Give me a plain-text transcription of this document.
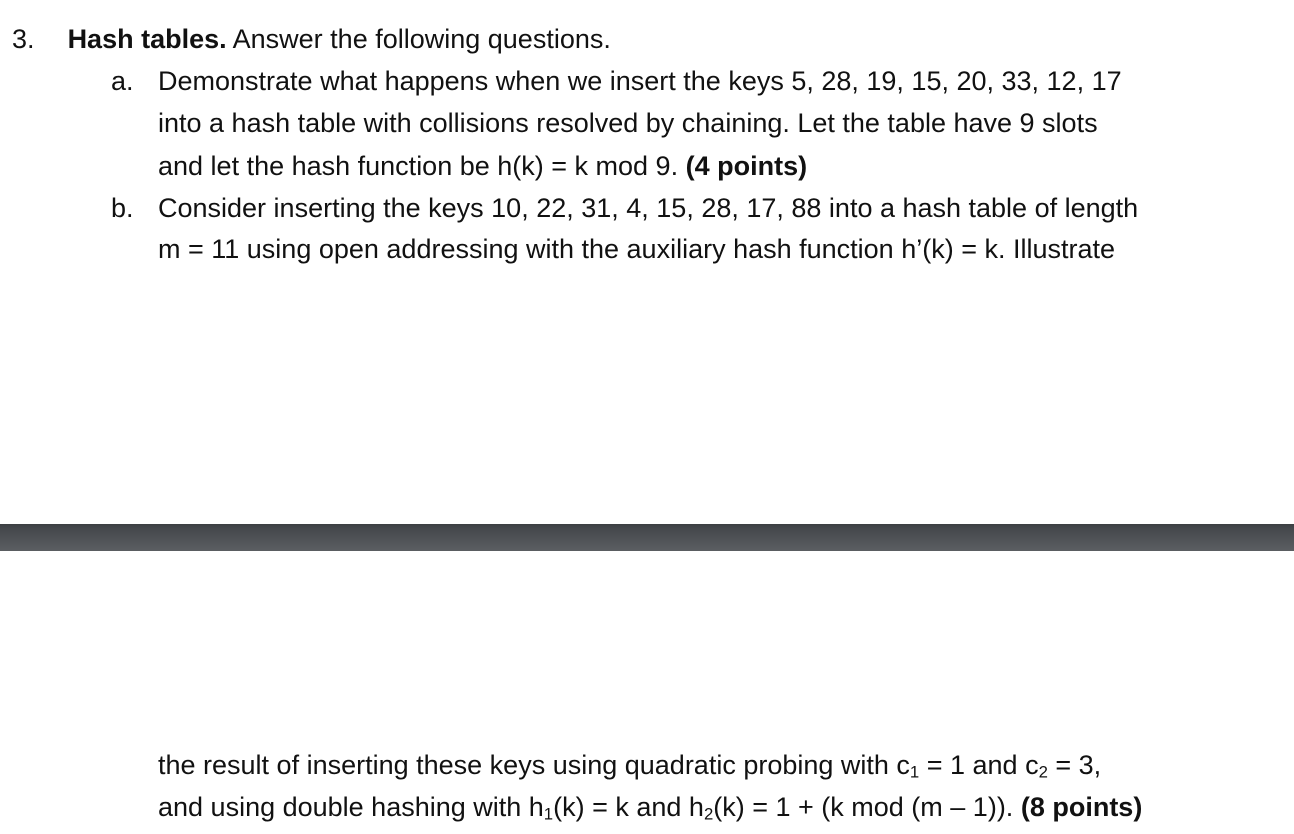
3. Hash tables. Answer the following questions.
a. Demonstrate what happens when we insert the keys 5, 28, 19, 15, 20, 33, 12, 17
into a hash table with collisions resolved by chaining. Let the table have 9 slots
and let the hash function be h(k) = k mod 9. (4 points)
b. Consider inserting the keys 10, 22, 31, 4, 15, 28, 17, 88 into a hash table of length
m = 11 using open addressing with the auxiliary hash function h’(k) = k. Illustrate
the result of inserting these keys using quadratic probing with $c_1 = 1$ and $c_2 = 3$,
and using double hashing with $h_1(k) = k$ and $h_2(k) = 1 + (k$ mod (m – 1)). (8 points)
